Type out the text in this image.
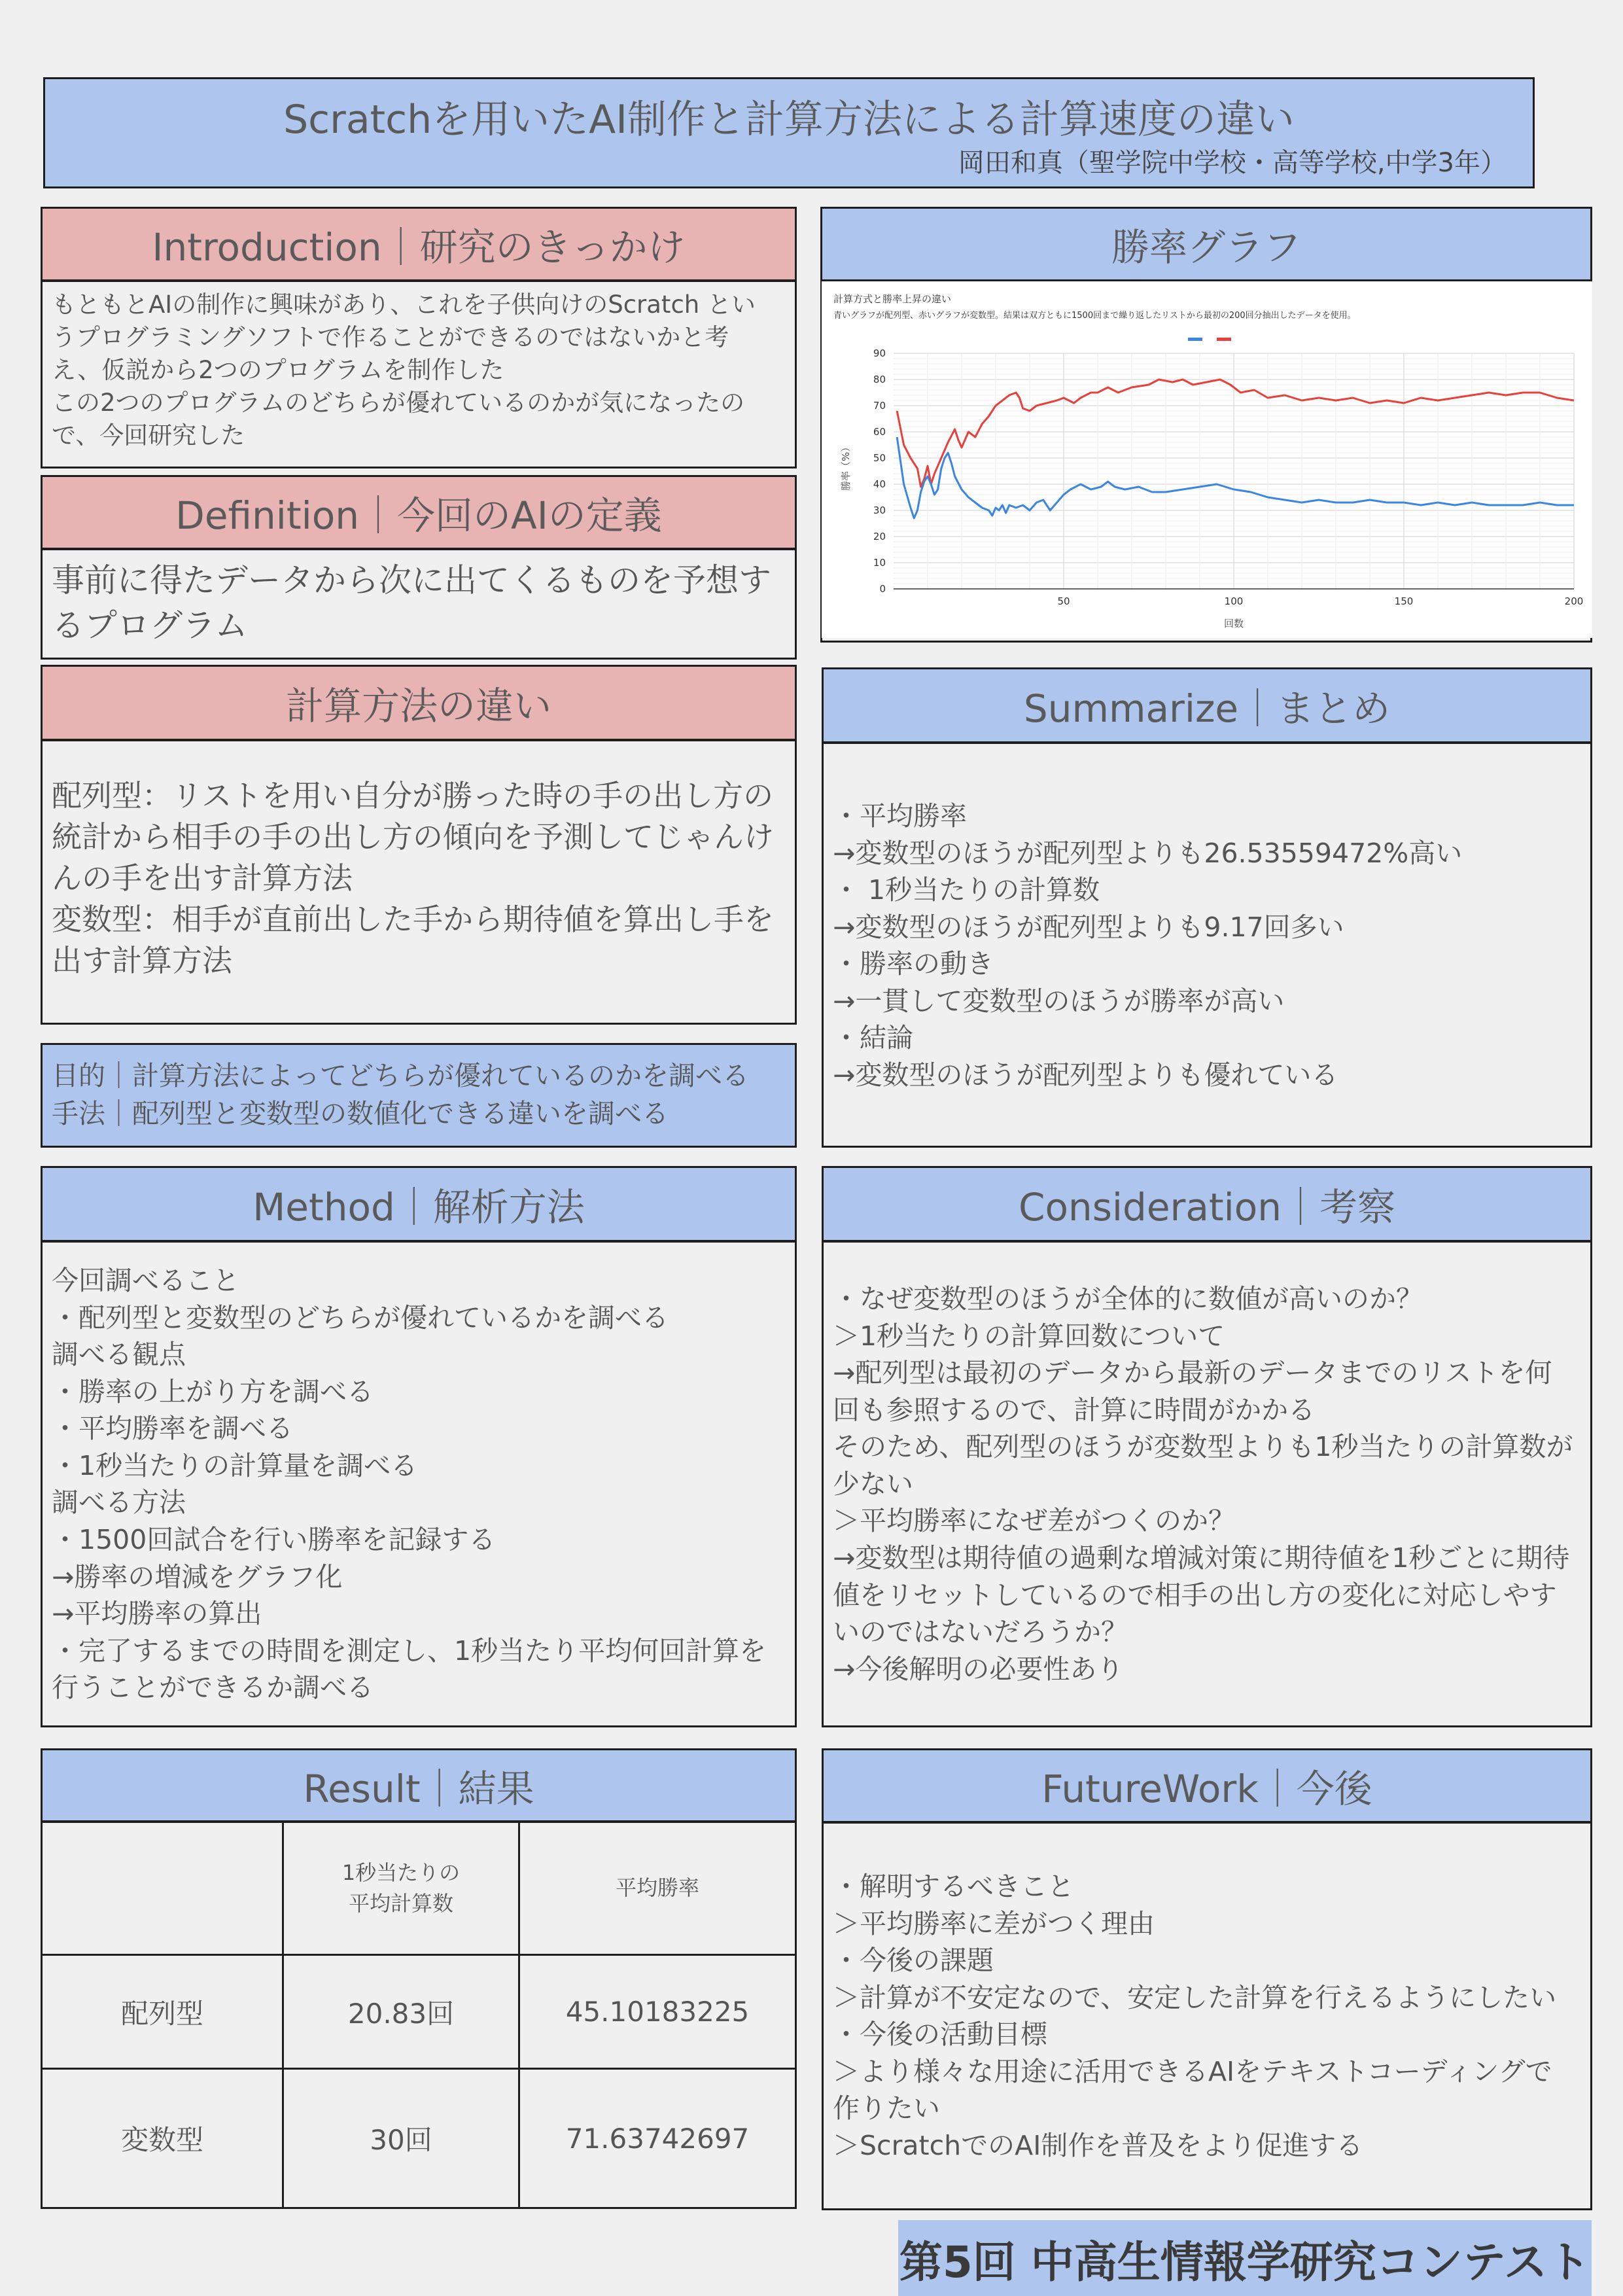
Scratchを用いたAI制作と計算方法による計算速度の違い
岡田和真（聖学院中学校・高等学校,中学3年）
Introduction｜研究のきっかけ
もともとAIの制作に興味があり、これを子供向けのScratch とい
うプログラミングソフトで作ることができるのではないかと考
え、仮説から2つのプログラムを制作した
この2つのプログラムのどちらが優れているのかが気になったの
で、今回研究した
Definition｜今回のAIの定義
事前に得たデータから次に出てくるものを予想す
るプログラム
計算方法の違い
配列型：リストを用い自分が勝った時の手の出し方の
統計から相手の手の出し方の傾向を予測してじゃんけ
んの手を出す計算方法
変数型：相手が直前出した手から期待値を算出し手を
出す計算方法
目的｜計算方法によってどちらが優れているのかを調べる
手法｜配列型と変数型の数値化できる違いを調べる
Method｜解析方法
今回調べること
・配列型と変数型のどちらが優れているかを調べる
調べる観点
・勝率の上がり方を調べる
・平均勝率を調べる
・1秒当たりの計算量を調べる
調べる方法
・1500回試合を行い勝率を記録する
→勝率の増減をグラフ化
→平均勝率の算出
・完了するまでの時間を測定し、1秒当たり平均何回計算を
行うことができるか調べる
Result｜結果

	1秒当たりの
平均計算数	平均勝率
配列型	20.83回	45.10183225
変数型	30回	71.63742697
勝率グラフ
計算方式と勝率上昇の違い
青いグラフが配列型、赤いグラフが変数型。結果は双方ともに1500回まで繰り返したリストから最初の200回分抽出したデータを使用。
0
10
20
30
40
50
60
70
80
90
50	100	150	200
勝率（%）
回数
Summarize｜まとめ
・平均勝率
→変数型のほうが配列型よりも26.53559472%高い
・ 1秒当たりの計算数
→変数型のほうが配列型よりも9.17回多い
・勝率の動き
→一貫して変数型のほうが勝率が高い
・結論
→変数型のほうが配列型よりも優れている
Consideration｜考察
・なぜ変数型のほうが全体的に数値が高いのか？
＞1秒当たりの計算回数について
→配列型は最初のデータから最新のデータまでのリストを何
回も参照するので、計算に時間がかかる
そのため、配列型のほうが変数型よりも1秒当たりの計算数が
少ない
＞平均勝率になぜ差がつくのか？
→変数型は期待値の過剰な増減対策に期待値を1秒ごとに期待
値をリセットしているので相手の出し方の変化に対応しやす
いのではないだろうか？
→今後解明の必要性あり
FutureWork｜今後
・解明するべきこと
＞平均勝率に差がつく理由
・今後の課題
＞計算が不安定なので、安定した計算を行えるようにしたい
・今後の活動目標
＞より様々な用途に活用できるAIをテキストコーディングで
作りたい
＞ScratchでのAI制作を普及をより促進する
第5回 中高生情報学研究コンテスト
